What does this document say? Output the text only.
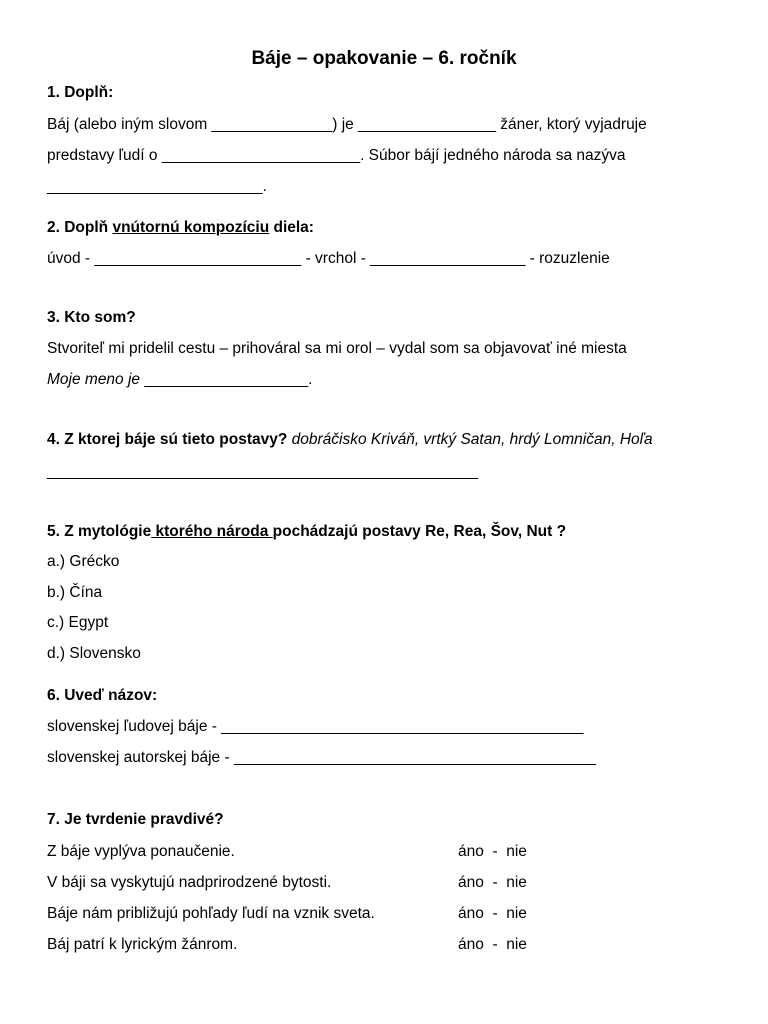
Báje – opakovanie – 6. ročník
1. Doplň:
Báj (alebo iným slovom ______________) je ________________ žáner, ktorý vyjadruje
predstavy ľudí o _______________________. Súbor bájí jedného národa sa nazýva
_________________________.
2. Doplň vnútornú kompozíciu diela:
úvod - ________________________ - vrchol - __________________ - rozuzlenie
3. Kto som?
Stvoriteľ mi pridelil cestu – prihováral sa mi orol – vydal som sa objavovať iné miesta
Moje meno je ___________________.
4. Z ktorej báje sú tieto postavy? dobráčisko Kriváň, vrtký Satan, hrdý Lomničan, Hoľa
__________________________________________________
5. Z mytológie ktorého národa pochádzajú postavy Re, Rea, Šov, Nut ?
a.) Grécko
b.) Čína
c.) Egypt
d.) Slovensko
6. Uveď názov:
slovenskej ľudovej báje - __________________________________________
slovenskej autorskej báje - __________________________________________
7. Je tvrdenie pravdivé?
Z báje vyplýva ponaučenie.	áno  -  nie
V báji sa vyskytujú nadprirodzené bytosti.	áno  -  nie
Báje nám približujú pohľady ľudí na vznik sveta.	áno  -  nie
Báj patrí k lyrickým žánrom.	áno  -  nie
